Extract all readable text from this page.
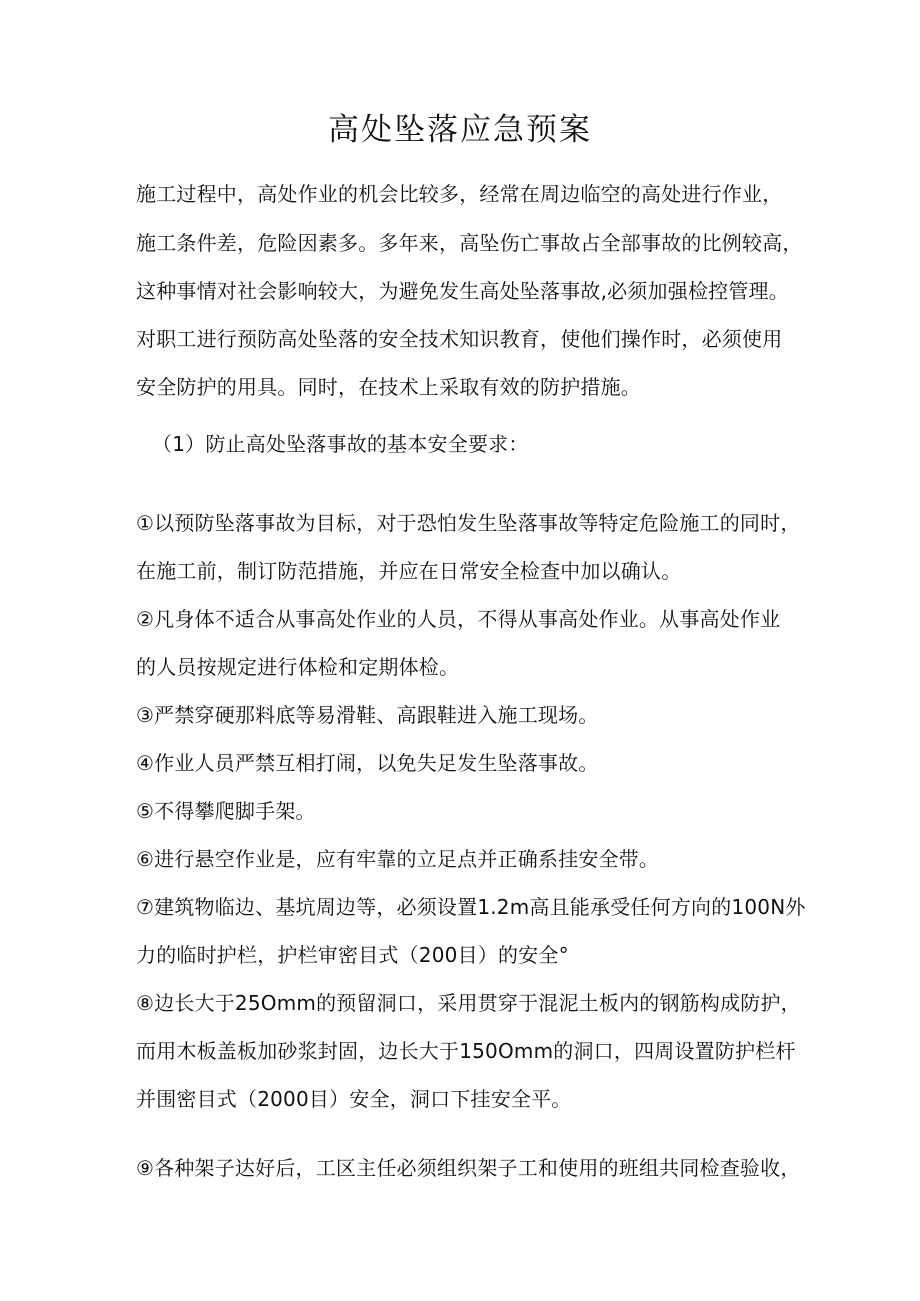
高处坠落应急预案
施工过程中，高处作业的机会比较多，经常在周边临空的高处进行作业，
施工条件差，危险因素多。多年来，高坠伤亡事故占全部事故的比例较高，
这种事情对社会影响较大，为避免发生高处坠落事故,必须加强检控管理。
对职工进行预防高处坠落的安全技术知识教育，使他们操作时，必须使用
安全防护的用具。同时，在技术上采取有效的防护措施。
（1）防止高处坠落事故的基本安全要求：
①以预防坠落事故为目标，对于恐怕发生坠落事故等特定危险施工的同时，
在施工前，制订防范措施，并应在日常安全检查中加以确认。
②凡身体不适合从事高处作业的人员，不得从事高处作业。从事高处作业
的人员按规定进行体检和定期体检。
③严禁穿硬那料底等易滑鞋、高跟鞋进入施工现场。
④作业人员严禁互相打闹，以免失足发生坠落事故。
⑤不得攀爬脚手架。
⑥进行悬空作业是，应有牢靠的立足点并正确系挂安全带。
⑦建筑物临边、基坑周边等，必须设置1.2m高且能承受任何方向的100N外
力的临时护栏，护栏审密目式（200目）的安全°
⑧边长大于25Omm的预留洞口，采用贯穿于混泥土板内的钢筋构成防护，
而用木板盖板加砂浆封固，边长大于150Omm的洞口，四周设置防护栏杆
并围密目式（2000目）安全，洞口下挂安全平。
⑨各种架子达好后，工区主任必须组织架子工和使用的班组共同检查验收，
